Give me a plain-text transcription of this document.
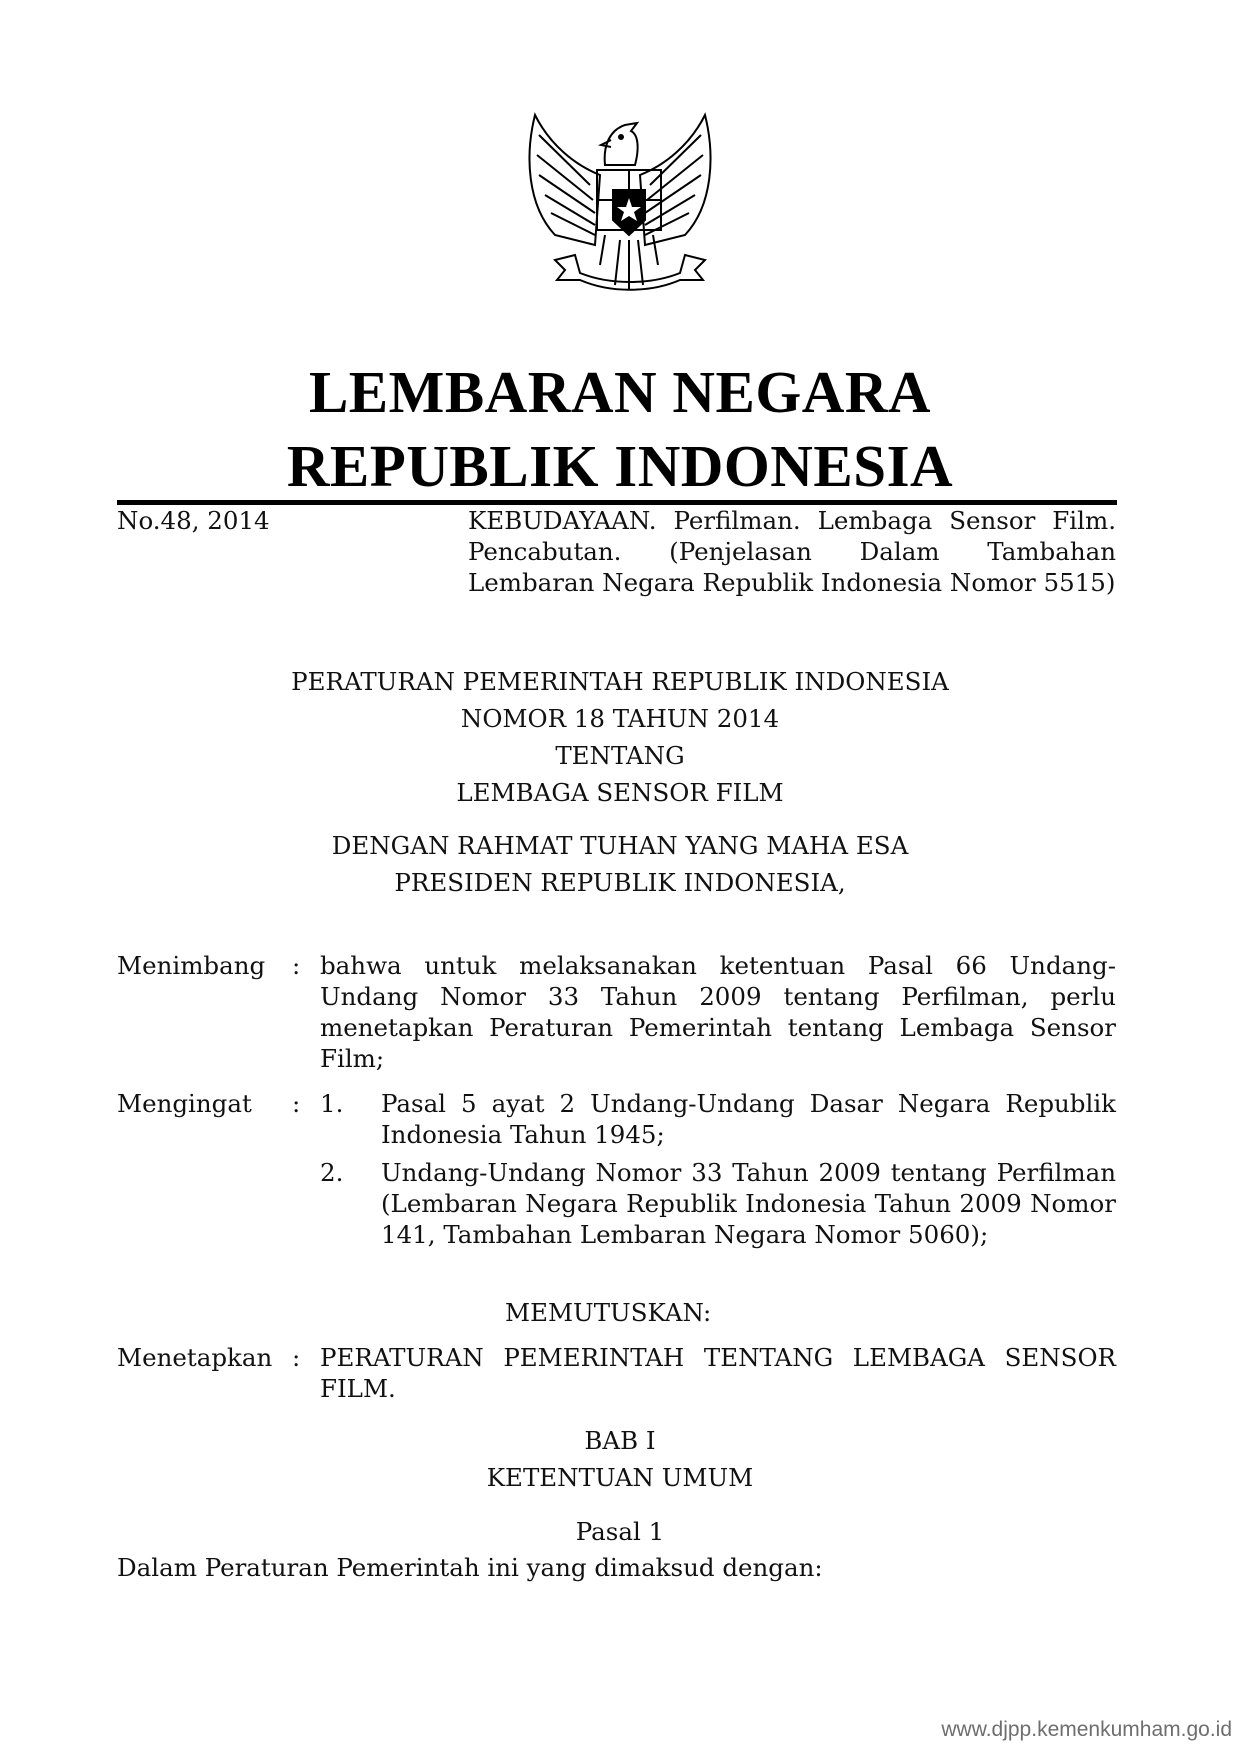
LEMBARAN NEGARA
REPUBLIK INDONESIA
No.48, 2014	KEBUDAYAAN. Perfilman. Lembaga Sensor Film. Pencabutan. (Penjelasan Dalam Tambahan Lembaran Negara Republik Indonesia Nomor 5515)
PERATURAN PEMERINTAH REPUBLIK INDONESIA
NOMOR 18 TAHUN 2014
TENTANG
LEMBAGA SENSOR FILM
DENGAN RAHMAT TUHAN YANG MAHA ESA
PRESIDEN REPUBLIK INDONESIA,
Menimbang : bahwa untuk melaksanakan ketentuan Pasal 66 Undang-Undang Nomor 33 Tahun 2009 tentang Perfilman, perlu menetapkan Peraturan Pemerintah tentang Lembaga Sensor Film;
Mengingat : 1. Pasal 5 ayat 2 Undang-Undang Dasar Negara Republik Indonesia Tahun 1945;
2. Undang-Undang Nomor 33 Tahun 2009 tentang Perfilman (Lembaran Negara Republik Indonesia Tahun 2009 Nomor 141, Tambahan Lembaran Negara Nomor 5060);
MEMUTUSKAN:
Menetapkan : PERATURAN PEMERINTAH TENTANG LEMBAGA SENSOR FILM.
BAB I
KETENTUAN UMUM
Pasal 1
Dalam Peraturan Pemerintah ini yang dimaksud dengan:
www.djpp.kemenkumham.go.id
